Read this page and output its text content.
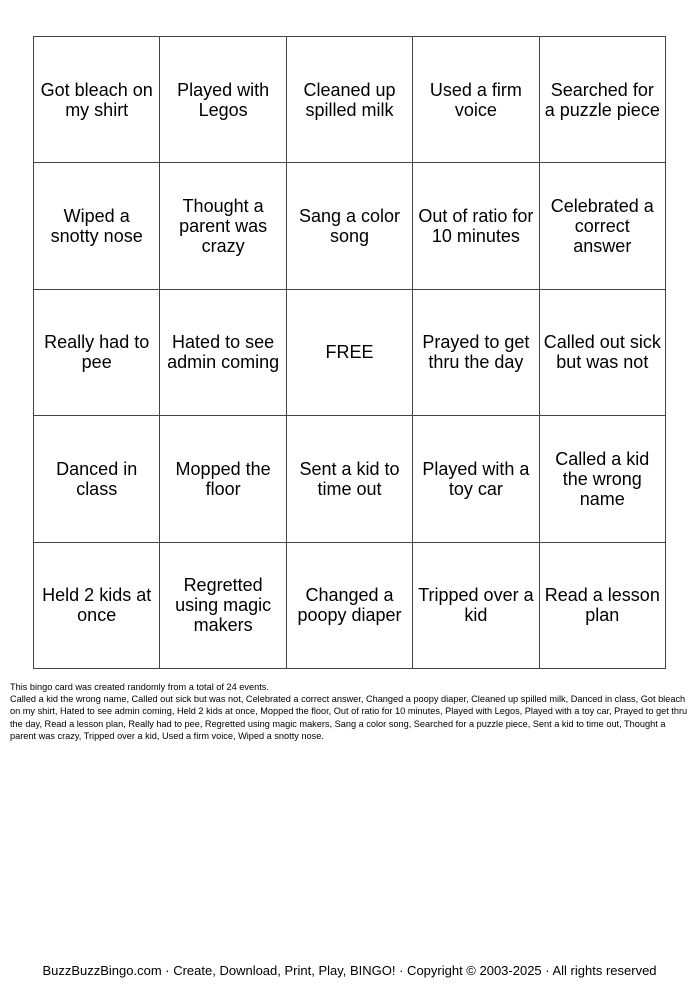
Got bleach on my shirt
Played with Legos
Cleaned up spilled milk
Used a firm voice
Searched for a puzzle piece
Wiped a snotty nose
Thought a parent was crazy
Sang a color song
Out of ratio for 10 minutes
Celebrated a correct answer
Really had to pee
Hated to see admin coming	FREE	Prayed to get thru the day
Called out sick but was not
Danced in class
Mopped the floor
Sent a kid to time out
Played with a toy car
Called a kid the wrong name
Held 2 kids at once
Regretted using magic makers
Changed a poopy diaper
Tripped over a kid
Read a lesson plan

This bingo card was created randomly from a total of 24 events.

Called a kid the wrong name, Called out sick but was not, Celebrated a correct answer, Changed a poopy diaper, Cleaned up spilled milk, Danced in class, Got bleach on my shirt, Hated to see admin coming, Held 2 kids at once, Mopped the floor, Out of ratio for 10 minutes, Played with Legos, Played with a toy car, Prayed to get thru the day, Read a lesson plan, Really had to pee, Regretted using magic makers, Sang a color song, Searched for a puzzle piece, Sent a kid to time out, Thought a parent was crazy, Tripped over a kid, Used a firm voice, Wiped a snotty nose.

BuzzBuzzBingo.com · Create, Download, Print, Play, BINGO! · Copyright © 2003-2025 · All rights reserved
